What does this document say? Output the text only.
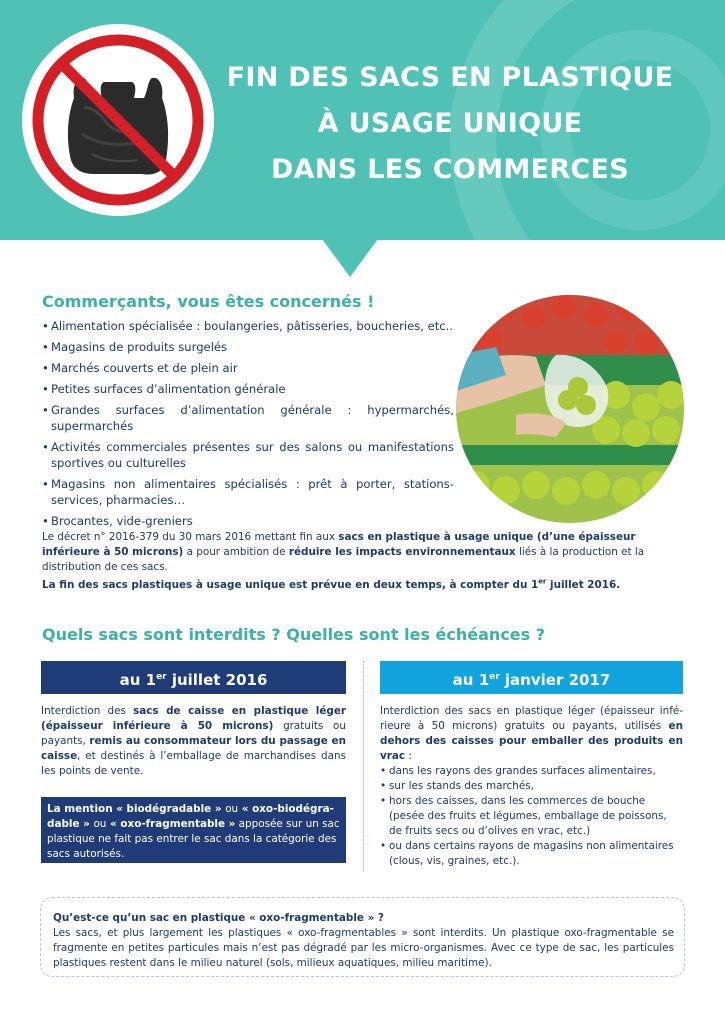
FIN DES SACS EN PLASTIQUE
À USAGE UNIQUE
DANS LES COMMERCES
Commerçants, vous êtes concernés !
• Alimentation spécialisée : boulangeries, pâtisseries, boucheries, etc..
• Magasins de produits surgelés
• Marchés couverts et de plein air
• Petites surfaces d’alimentation générale
• Grandes surfaces d’alimentation générale : hypermarchés, supermarchés
• Activités commerciales présentes sur des salons ou manifestations sportives ou culturelles
• Magasins non alimentaires spécialisés : prêt à porter, stations-services, pharmacies…
• Brocantes, vide-greniers
Le décret n° 2016-379 du 30 mars 2016 mettant fin aux sacs en plastique à usage unique (d’une épaisseur inférieure à 50 microns) a pour ambition de réduire les impacts environnementaux liés à la production et la distribution de ces sacs.
La fin des sacs plastiques à usage unique est prévue en deux temps, à compter du 1er juillet 2016.
Quels sacs sont interdits ? Quelles sont les échéances ?
au 1er juillet 2016	au 1er janvier 2017
Interdiction des sacs de caisse en plastique léger (épaisseur inférieure à 50 microns) gratuits ou payants, remis au consommateur lors du passage en caisse, et destinés à l’emballage de marchandises dans les points de vente.
La mention « biodégradable » ou « oxo-biodégra-dable » ou « oxo-fragmentable » apposée sur un sac plastique ne fait pas entrer le sac dans la catégorie des sacs autorisés.
Interdiction des sacs en plastique léger (épaisseur infé-rieure à 50 microns) gratuits ou payants, utilisés en dehors des caisses pour emballer des produits en vrac :
• dans les rayons des grandes surfaces alimentaires,
• sur les stands des marchés,
• hors des caisses, dans les commerces de bouche (pesée des fruits et légumes, emballage de poissons, de fruits secs ou d’olives en vrac, etc.)
• ou dans certains rayons de magasins non alimentaires (clous, vis, graines, etc.).
Qu’est-ce qu’un sac en plastique « oxo-fragmentable » ?
Les sacs, et plus largement les plastiques « oxo-fragmentables » sont interdits. Un plastique oxo-fragmentable se fragmente en petites particules mais n’est pas dégradé par les micro-organismes. Avec ce type de sac, les particules plastiques restent dans le milieu naturel (sols, milieux aquatiques, milieu maritime).
